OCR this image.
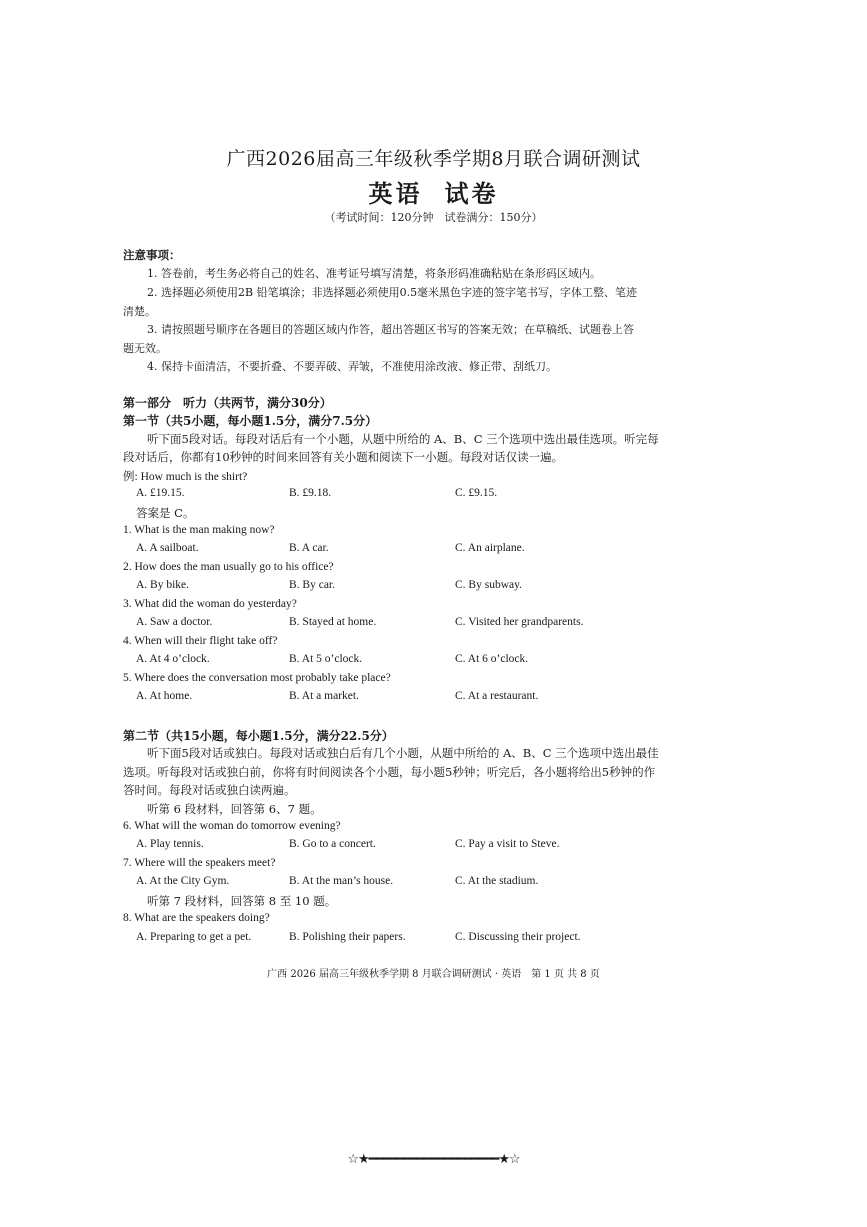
广西2026届高三年级秋季学期8月联合调研测试
英语 试卷
（考试时间：120分钟　试卷满分：150分）
注意事项：
1. 答卷前，考生务必将自己的姓名、准考证号填写清楚，将条形码准确粘贴在条形码区域内。
2. 选择题必须使用2B 铅笔填涂；非选择题必须使用0.5毫米黑色字迹的签字笔书写，字体工整、笔迹
清楚。
3. 请按照题号顺序在各题目的答题区域内作答，超出答题区书写的答案无效；在草稿纸、试题卷上答
题无效。
4. 保持卡面清洁，不要折叠、不要弄破、弄皱，不准使用涂改液、修正带、刮纸刀。
第一部分　听力（共两节，满分30分）
第一节（共5小题，每小题1.5分，满分7.5分）
听下面5段对话。每段对话后有一个小题，从题中所给的 A、B、C 三个选项中选出最佳选项。听完每
段对话后，你都有10秒钟的时间来回答有关小题和阅读下一小题。每段对话仅读一遍。
例: How much is the shirt?
A. £19.15.	B. £9.18.	C. £9.15.
答案是 C。
1. What is the man making now?
A. A sailboat.	B. A car.	C. An airplane.
2. How does the man usually go to his office?
A. By bike.	B. By car.	C. By subway.
3. What did the woman do yesterday?
A. Saw a doctor.	B. Stayed at home.	C. Visited her grandparents.
4. When will their flight take off?
A. At 4 o’clock.	B. At 5 o’clock.	C. At 6 o’clock.
5. Where does the conversation most probably take place?
A. At home.	B. At a market.	C. At a restaurant.
第二节（共15小题，每小题1.5分，满分22.5分）
听下面5段对话或独白。每段对话或独白后有几个小题，从题中所给的 A、B、C 三个选项中选出最佳
选项。听每段对话或独白前，你将有时间阅读各个小题，每小题5秒钟；听完后，各小题将给出5秒钟的作
答时间。每段对话或独白读两遍。
听第 6 段材料，回答第 6、7 题。
6. What will the woman do tomorrow evening?
A. Play tennis.	B. Go to a concert.	C. Pay a visit to Steve.
7. Where will the speakers meet?
A. At the City Gym.	B. At the man’s house.	C. At the stadium.
听第 7 段材料，回答第 8 至 10 题。
8. What are the speakers doing?
A. Preparing to get a pet.	B. Polishing their papers.	C. Discussing their project.
广西 2026 届高三年级秋季学期 8 月联合调研测试 · 英语　第 1 页 共 8 页
☆★━━━━━━━━━━━━━━━━━━━★☆
